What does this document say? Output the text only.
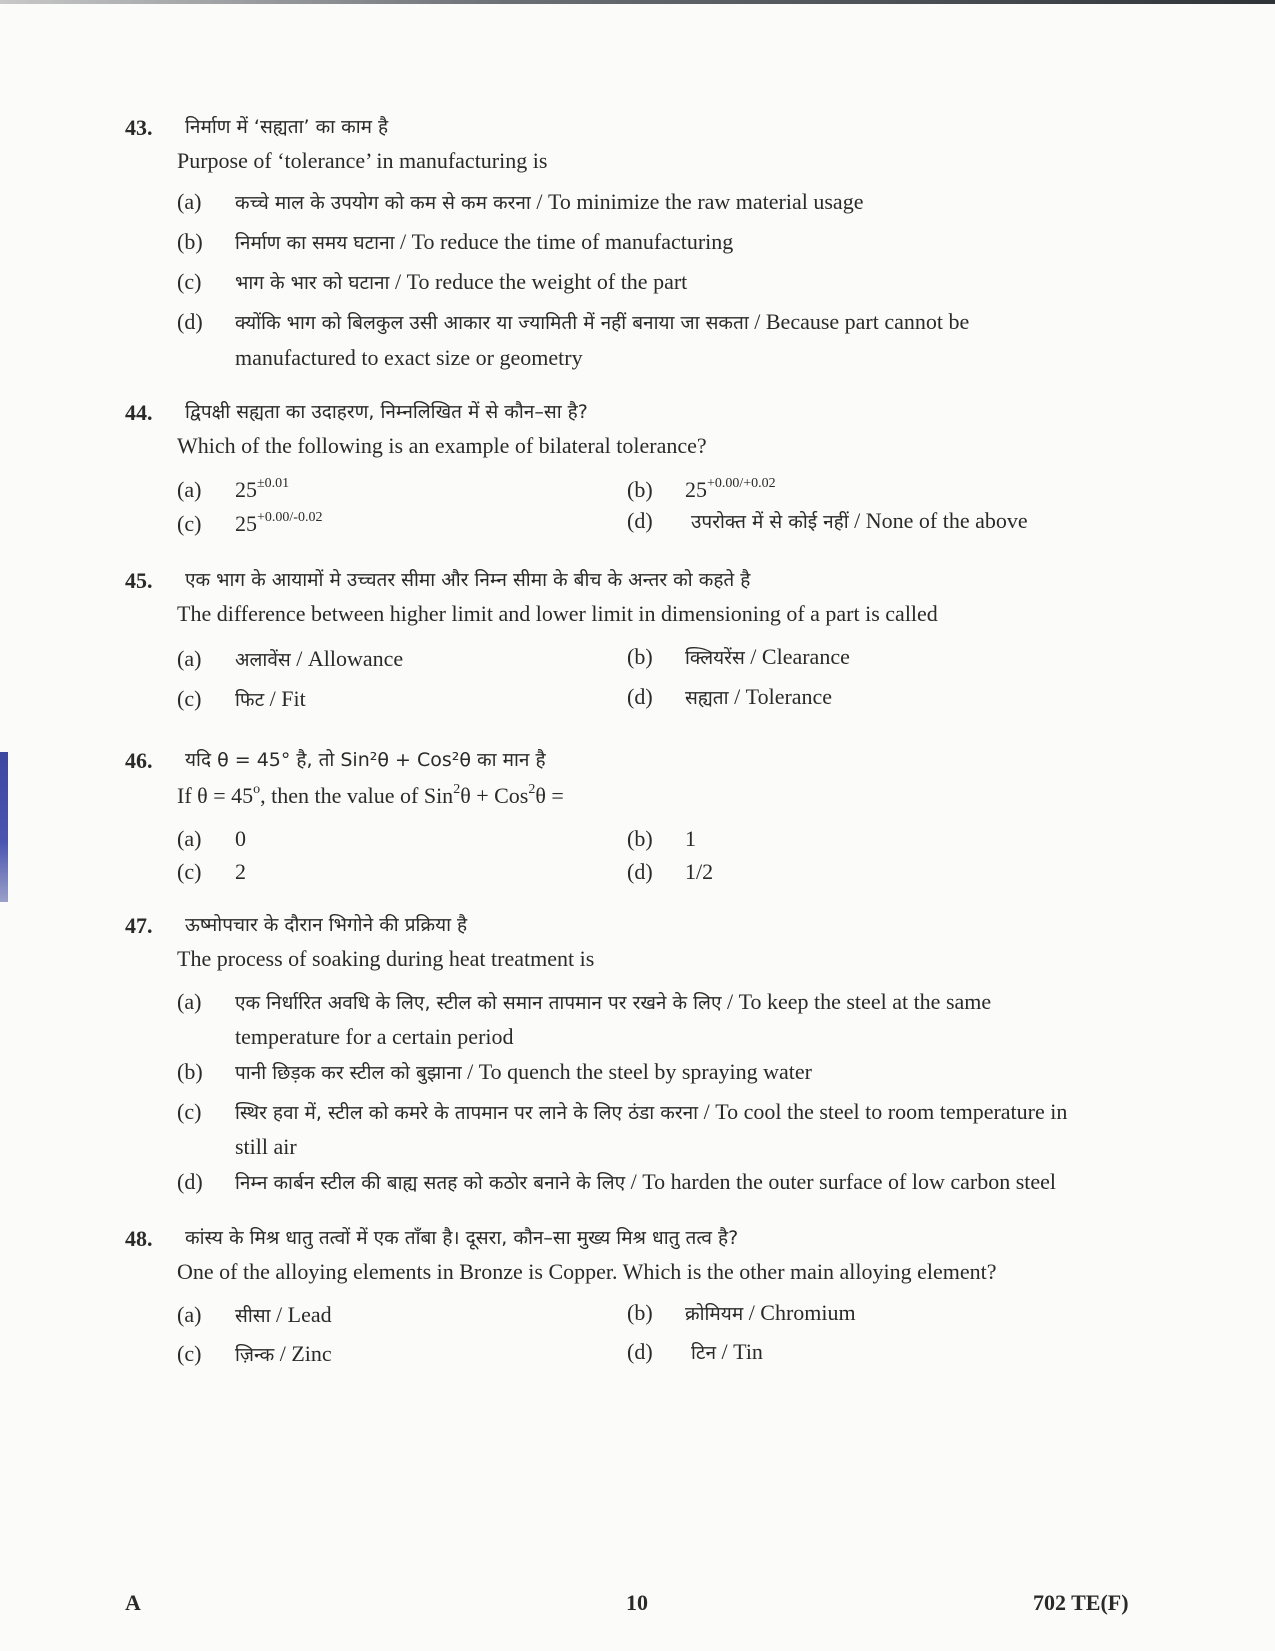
43. निर्माण में ‘सह्यता’ का काम है
Purpose of ‘tolerance’ in manufacturing is
(a) कच्चे माल के उपयोग को कम से कम करना / To minimize the raw material usage
(b) निर्माण का समय घटाना / To reduce the time of manufacturing
(c) भाग के भार को घटाना / To reduce the weight of the part
(d) क्योंकि भाग को बिलकुल उसी आकार या ज्यामिती में नहीं बनाया जा सकता / Because part cannot be
manufactured to exact size or geometry
44. द्विपक्षी सह्यता का उदाहरण, निम्नलिखित में से कौन–सा है?
Which of the following is an example of bilateral tolerance?
(a) $25^{\pm 0.01}$	(b) $25^{+0.00/+0.02}$
(c) $25^{+0.00/-0.02}$	(d) उपरोक्त में से कोई नहीं / None of the above
45. एक भाग के आयामों मे उच्चतर सीमा और निम्न सीमा के बीच के अन्तर को कहते है
The difference between higher limit and lower limit in dimensioning of a part is called
(a) अलावेंस / Allowance	(b) क्लियरेंस / Clearance
(c) फिट / Fit	(d) सह्यता / Tolerance
46. यदि θ = 45° है, तो Sin²θ + Cos²θ का मान है
If $\theta = 45^o$, then the value of Sin$^2$θ + Cos$^2$θ =
(a) 0	(b) 1
(c) 2	(d) 1/2
47. ऊष्मोपचार के दौरान भिगोने की प्रक्रिया है
The process of soaking during heat treatment is
(a) एक निर्धारित अवधि के लिए, स्टील को समान तापमान पर रखने के लिए / To keep the steel at the same
temperature for a certain period
(b) पानी छिड़क कर स्टील को बुझाना / To quench the steel by spraying water
(c) स्थिर हवा में, स्टील को कमरे के तापमान पर लाने के लिए ठंडा करना / To cool the steel to room temperature in
still air
(d) निम्न कार्बन स्टील की बाह्य सतह को कठोर बनाने के लिए / To harden the outer surface of low carbon steel
48. कांस्य के मिश्र धातु तत्वों में एक ताँबा है। दूसरा, कौन–सा मुख्य मिश्र धातु तत्व है?
One of the alloying elements in Bronze is Copper. Which is the other main alloying element?
(a) सीसा / Lead	(b) क्रोमियम / Chromium
(c) ज़िन्क / Zinc	(d) टिन / Tin
A	10	702 TE(F)
